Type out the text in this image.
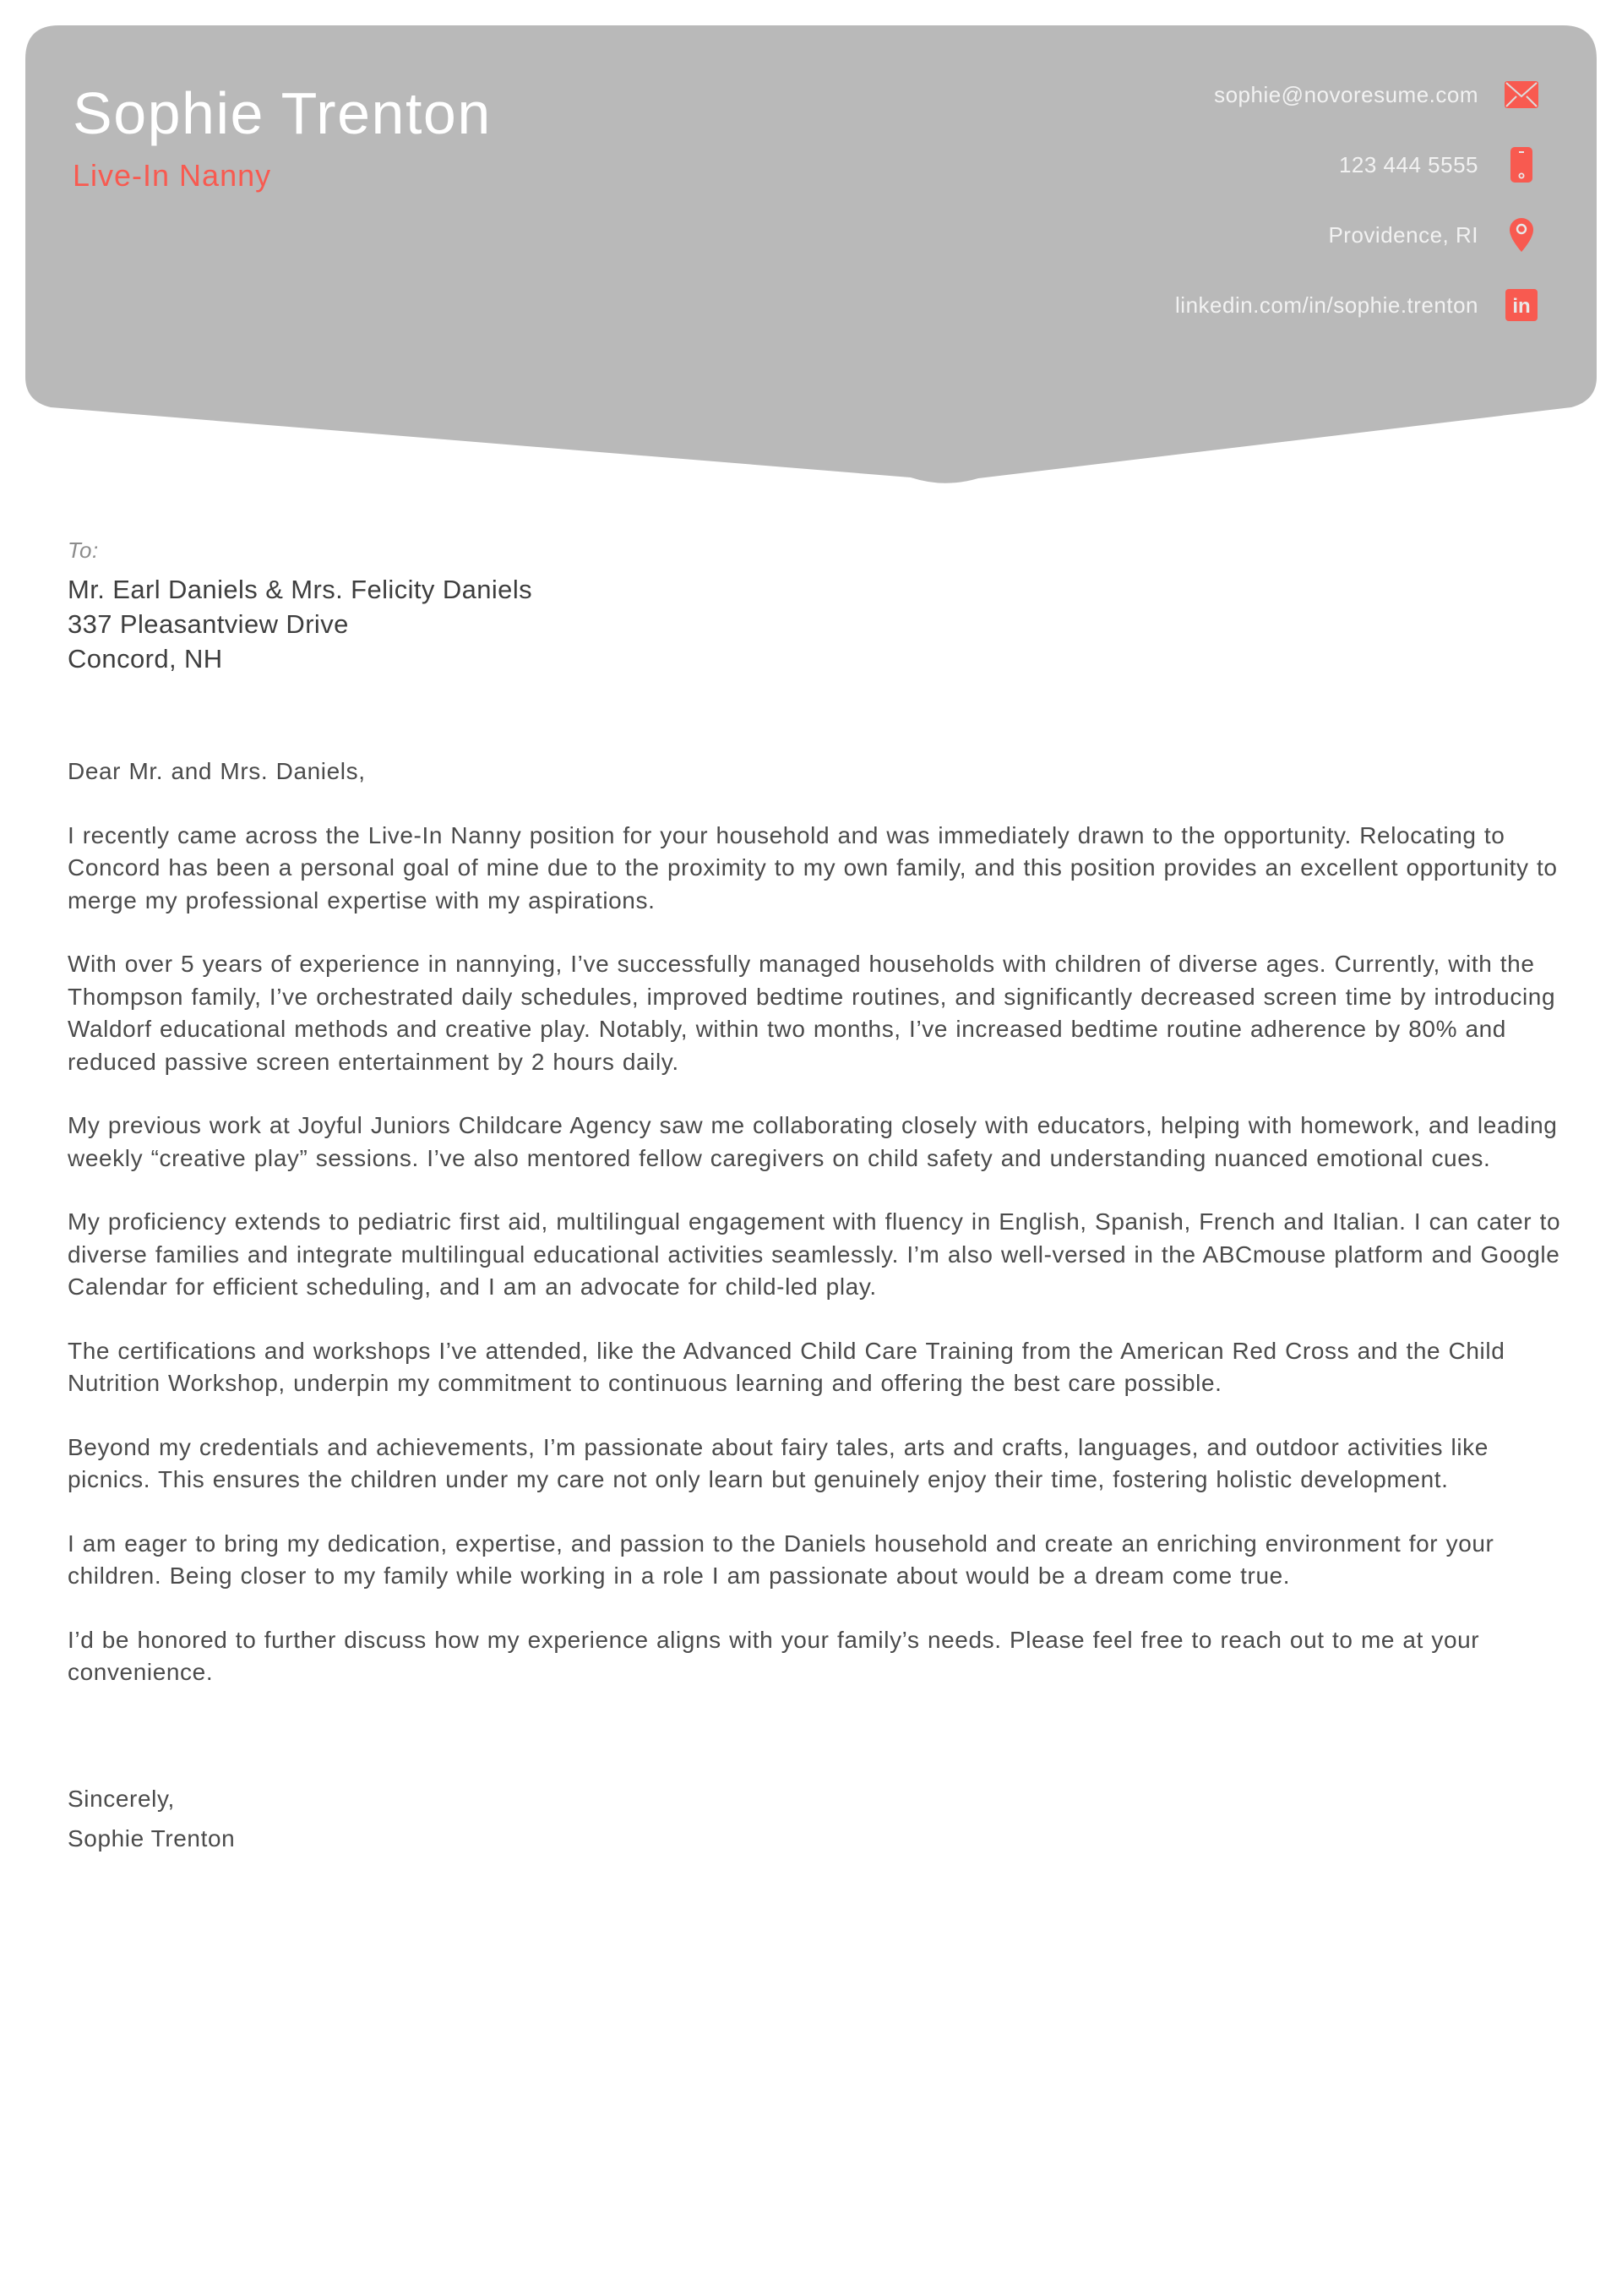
Sophie Trenton
Live-In Nanny
sophie@novoresume.com
123 444 5555
Providence, RI
linkedin.com/in/sophie.trenton in
To:
Mr. Earl Daniels & Mrs. Felicity Daniels
337 Pleasantview Drive
Concord, NH

Dear Mr. and Mrs. Daniels,

I recently came across the Live-In Nanny position for your household and was immediately drawn to the opportunity. Relocating to Concord has been a personal goal of mine due to the proximity to my own family, and this position provides an excellent opportunity to merge my professional expertise with my aspirations.

With over 5 years of experience in nannying, I’ve successfully managed households with children of diverse ages. Currently, with the Thompson family, I’ve orchestrated daily schedules, improved bedtime routines, and significantly decreased screen time by introducing Waldorf educational methods and creative play. Notably, within two months, I’ve increased bedtime routine adherence by 80% and reduced passive screen entertainment by 2 hours daily.

My previous work at Joyful Juniors Childcare Agency saw me collaborating closely with educators, helping with homework, and leading weekly “creative play” sessions. I’ve also mentored fellow caregivers on child safety and understanding nuanced emotional cues.

My proficiency extends to pediatric first aid, multilingual engagement with fluency in English, Spanish, French and Italian. I can cater to diverse families and integrate multilingual educational activities seamlessly. I’m also well-versed in the ABCmouse platform and Google Calendar for efficient scheduling, and I am an advocate for child-led play.

The certifications and workshops I’ve attended, like the Advanced Child Care Training from the American Red Cross and the Child Nutrition Workshop, underpin my commitment to continuous learning and offering the best care possible.

Beyond my credentials and achievements, I’m passionate about fairy tales, arts and crafts, languages, and outdoor activities like picnics. This ensures the children under my care not only learn but genuinely enjoy their time, fostering holistic development.

I am eager to bring my dedication, expertise, and passion to the Daniels household and create an enriching environment for your children. Being closer to my family while working in a role I am passionate about would be a dream come true.

I’d be honored to further discuss how my experience aligns with your family’s needs. Please feel free to reach out to me at your convenience.

Sincerely,
Sophie Trenton
